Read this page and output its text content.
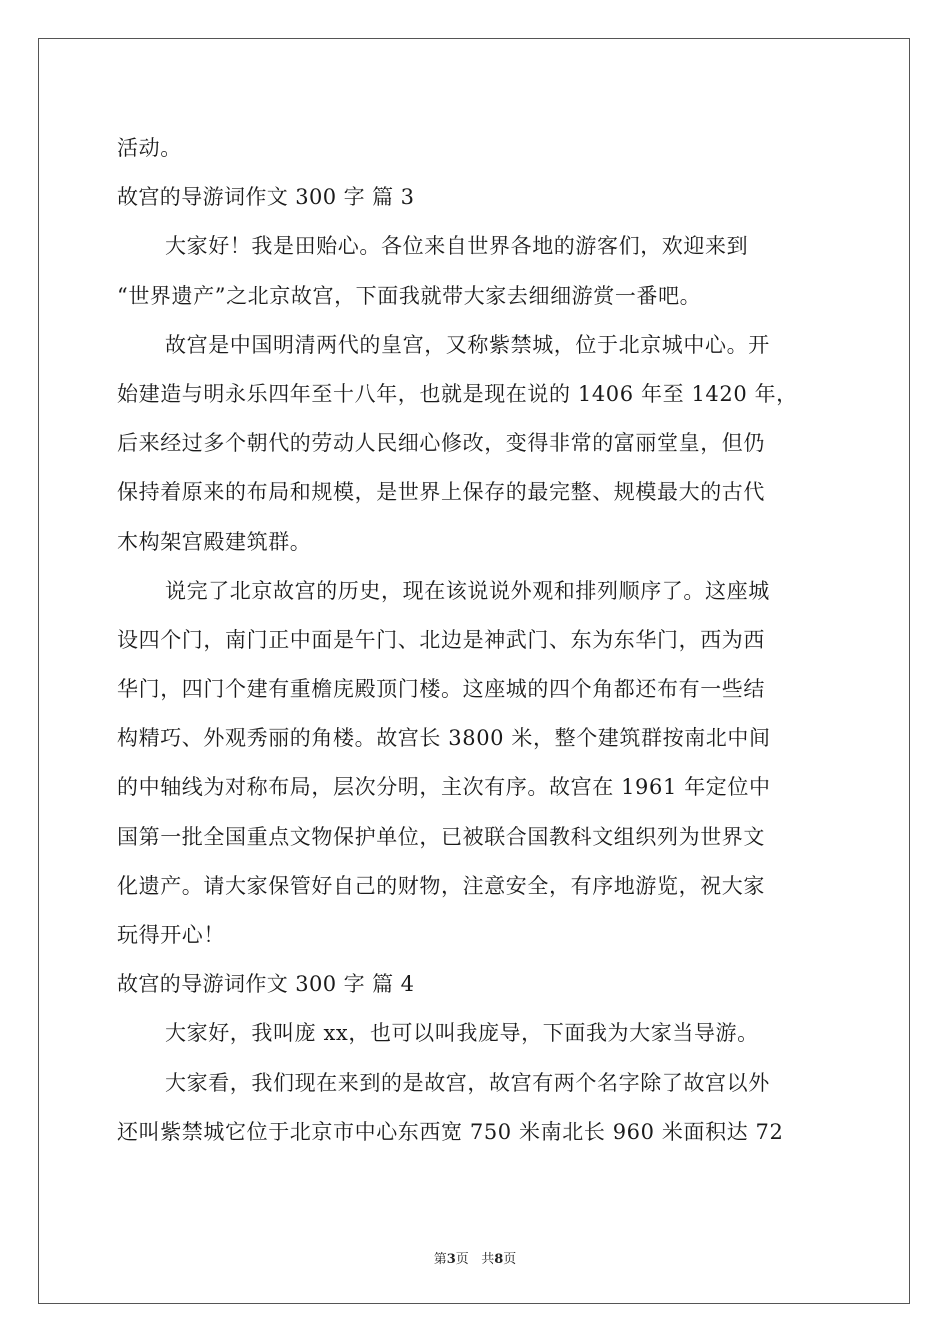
活动。
故宫的导游词作文 300 字 篇 3
大家好！我是田贻心。各位来自世界各地的游客们，欢迎来到
“世界遗产”之北京故宫，下面我就带大家去细细游赏一番吧。
故宫是中国明清两代的皇宫，又称紫禁城，位于北京城中心。开
始建造与明永乐四年至十八年，也就是现在说的 1406 年至 1420 年，
后来经过多个朝代的劳动人民细心修改，变得非常的富丽堂皇，但仍
保持着原来的布局和规模，是世界上保存的最完整、规模最大的古代
木构架宫殿建筑群。
说完了北京故宫的历史，现在该说说外观和排列顺序了。这座城
设四个门，南门正中面是午门、北边是神武门、东为东华门，西为西
华门，四门个建有重檐庑殿顶门楼。这座城的四个角都还布有一些结
构精巧、外观秀丽的角楼。故宫长 3800 米，整个建筑群按南北中间
的中轴线为对称布局，层次分明，主次有序。故宫在 1961 年定位中
国第一批全国重点文物保护单位，已被联合国教科文组织列为世界文
化遗产。请大家保管好自己的财物，注意安全，有序地游览，祝大家
玩得开心！
故宫的导游词作文 300 字 篇 4
大家好，我叫庞 xx，也可以叫我庞导，下面我为大家当导游。
大家看，我们现在来到的是故宫，故宫有两个名字除了故宫以外
还叫紫禁城它位于北京市中心东西宽 750 米南北长 960 米面积达 72
第3页 共8页
